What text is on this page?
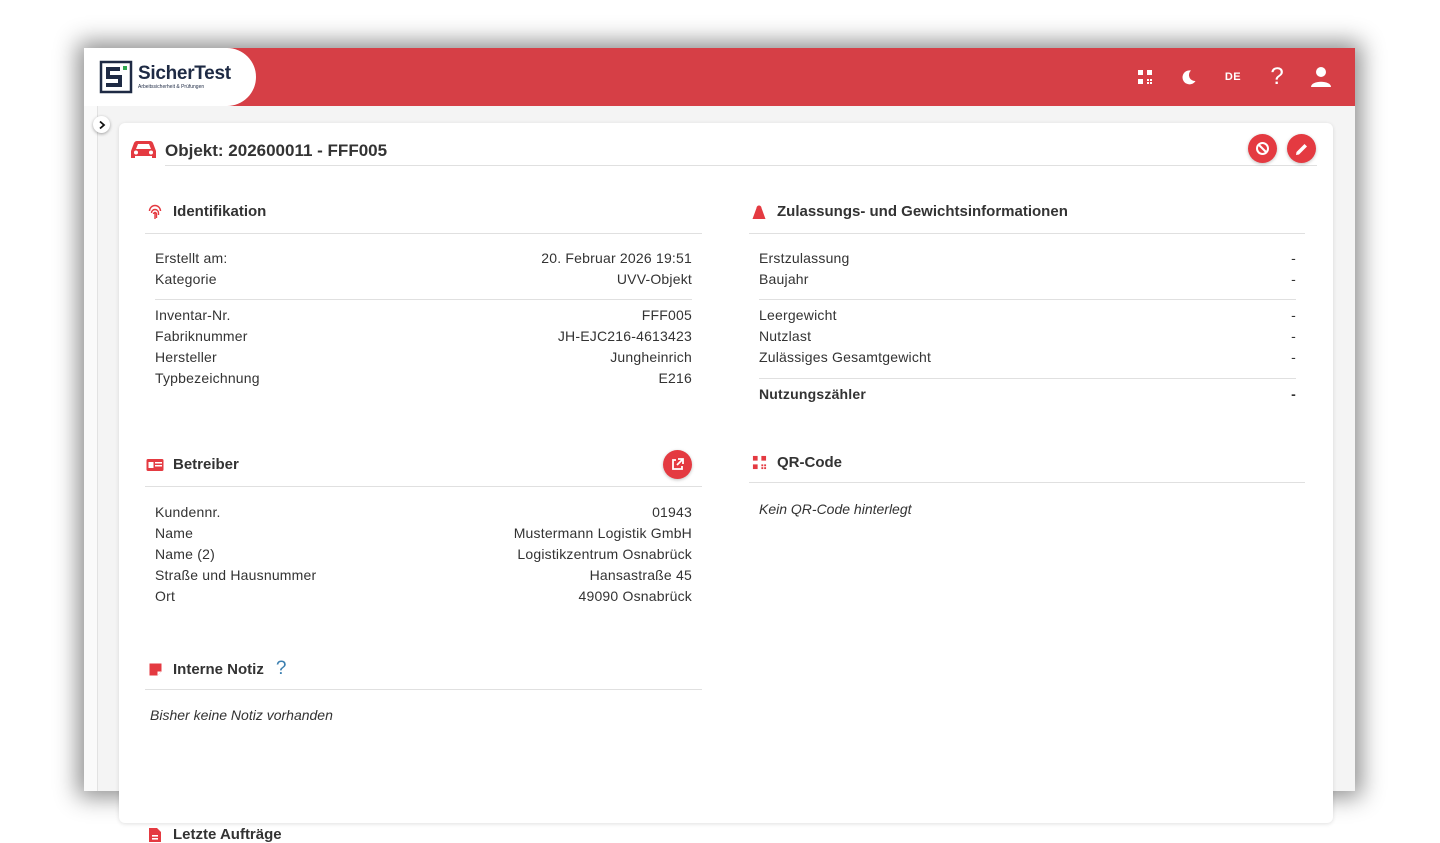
SicherTest
Arbeitssicherheit & Prüfungen
DE	?
Objekt: 202600011 - FFF005
Identifikation
Erstellt am:	20. Februar 2026 19:51
Kategorie	UVV-Objekt
Inventar-Nr.	FFF005
Fabriknummer	JH-EJC216-4613423
Hersteller	Jungheinrich
Typbezeichnung	E216
Zulassungs- und Gewichtsinformationen
Erstzulassung	-
Baujahr	-
Leergewicht	-
Nutzlast	-
Zulässiges Gesamtgewicht	-
Nutzungszähler	-
Betreiber
Kundennr.	01943
Name	Mustermann Logistik GmbH
Name (2)	Logistikzentrum Osnabrück
Straße und Hausnummer	Hansastraße 45
Ort	49090 Osnabrück
QR-Code
Kein QR-Code hinterlegt
Interne Notiz ?
Bisher keine Notiz vorhanden
Letzte Aufträge
